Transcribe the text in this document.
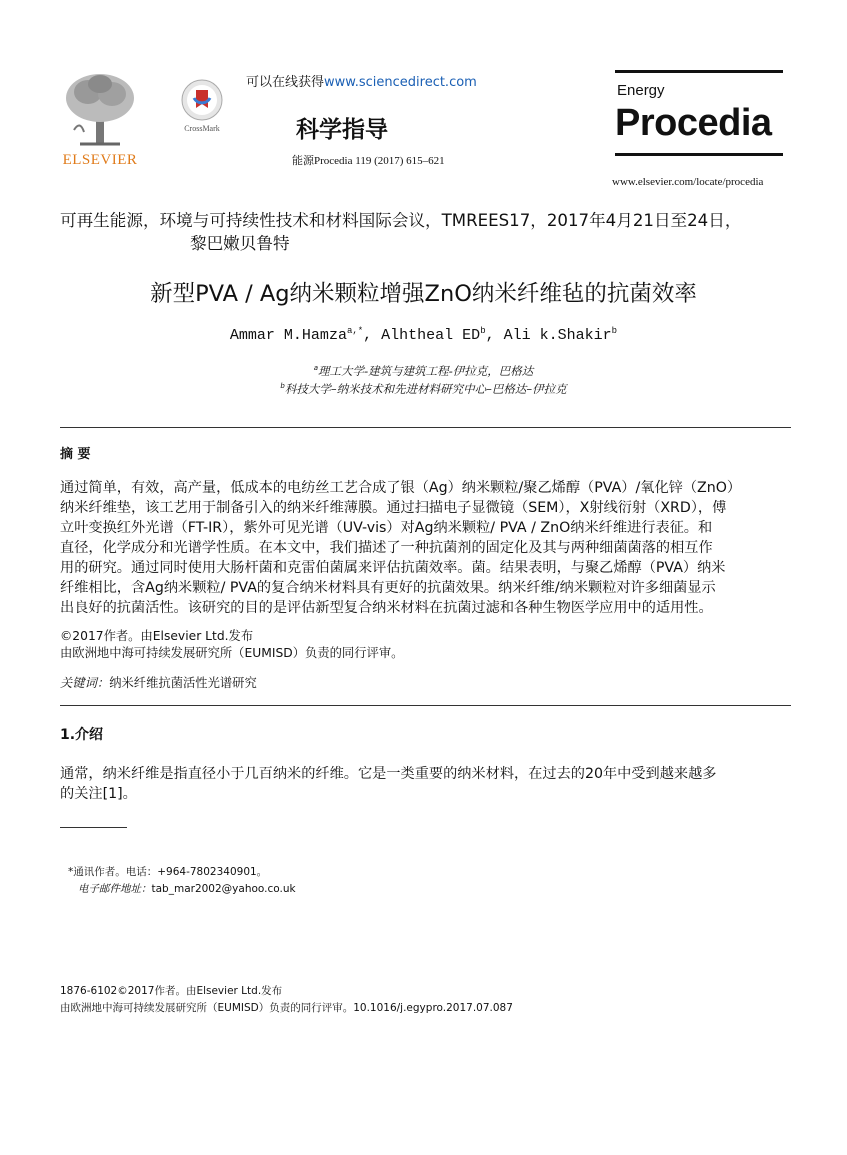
ELSEVIER
CrossMark
可以在线获得www.sciencedirect.com
科学指导
能源Procedia 119 (2017) 615–621
Energy
Procedia
www.elsevier.com/locate/procedia
可再生能源，环境与可持续性技术和材料国际会议，TMREES17，2017年4月21日至24日，
黎巴嫩贝鲁特
新型PVA / Ag纳米颗粒增强ZnO纳米纤维毡的抗菌效率
Ammar M.Hamza$^{a,*}$, Alhtheal $ED^b$, Ali k.Shakir$^b$
$^a$理工大学-建筑与建筑工程-伊拉克，巴格达
$^b$科技大学–纳米技术和先进材料研究中心–巴格达–伊拉克
摘 要
通过简单，有效，高产量，低成本的电纺丝工艺合成了银（Ag）纳米颗粒/聚乙烯醇（PVA）/氧化锌（ZnO）
纳米纤维垫，该工艺用于制备引入的纳米纤维薄膜。通过扫描电子显微镜（SEM），X射线衍射（XRD），傅
立叶变换红外光谱（FT-IR），紫外可见光谱（UV-vis）对Ag纳米颗粒/ PVA / ZnO纳米纤维进行表征。和
直径，化学成分和光谱学性质。在本文中，我们描述了一种抗菌剂的固定化及其与两种细菌菌落的相互作
用的研究。通过同时使用大肠杆菌和克雷伯菌属来评估抗菌效率。菌。结果表明，与聚乙烯醇（PVA）纳米
纤维相比，含Ag纳米颗粒/ PVA的复合纳米材料具有更好的抗菌效果。纳米纤维/纳米颗粒对许多细菌显示
出良好的抗菌活性。该研究的目的是评估新型复合纳米材料在抗菌过滤和各种生物医学应用中的适用性。
©2017作者。由Elsevier Ltd.发布
由欧洲地中海可持续发展研究所（EUMISD）负责的同行评审。
关键词：纳米纤维抗菌活性光谱研究
1.介绍
通常，纳米纤维是指直径小于几百纳米的纤维。它是一类重要的纳米材料，在过去的20年中受到越来越多
的关注[1]。
*通讯作者。电话：+964-7802340901。
电子邮件地址：tab_mar2002@yahoo.co.uk
1876-6102©2017作者。由Elsevier Ltd.发布
由欧洲地中海可持续发展研究所（EUMISD）负责的同行评审。10.1016/j.egypro.2017.07.087
